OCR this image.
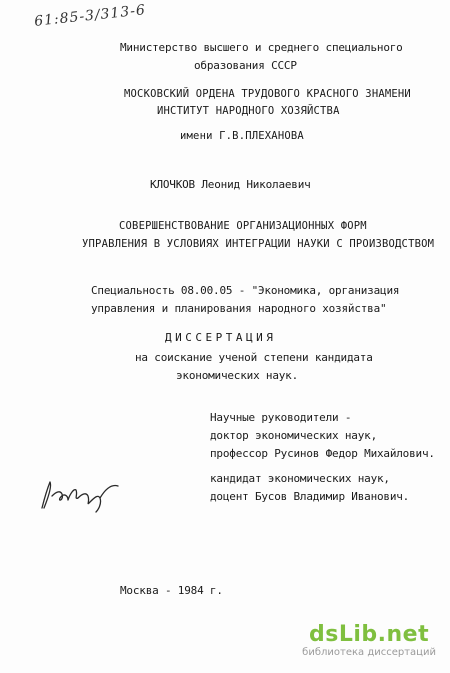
61:85-3/313-6
Министерство высшего и среднего специального
образования СССР
МОСКОВСКИЙ ОРДЕНА ТРУДОВОГО КРАСНОГО ЗНАМЕНИ
ИНСТИТУТ НАРОДНОГО ХОЗЯЙСТВА
имени Г.В.ПЛЕХАНОВА
КЛОЧКОВ Леонид Николаевич
СОВЕРШЕНСТВОВАНИЕ ОРГАНИЗАЦИОННЫХ ФОРМ
УПРАВЛЕНИЯ В УСЛОВИЯХ ИНТЕГРАЦИИ НАУКИ С ПРОИЗВОДСТВОМ
Специальность 08.00.05 - "Экономика, организация
управления и планирования народного хозяйства"
ДИССЕРТАЦИЯ
на соискание ученой степени кандидата
экономических наук.
Научные руководители -
доктор экономических наук,
профессор Русинов Федор Михайлович.
кандидат экономических наук,
доцент Бусов Владимир Иванович.
Москва - 1984 г.
dsLib.net
библиотека диссертаций
